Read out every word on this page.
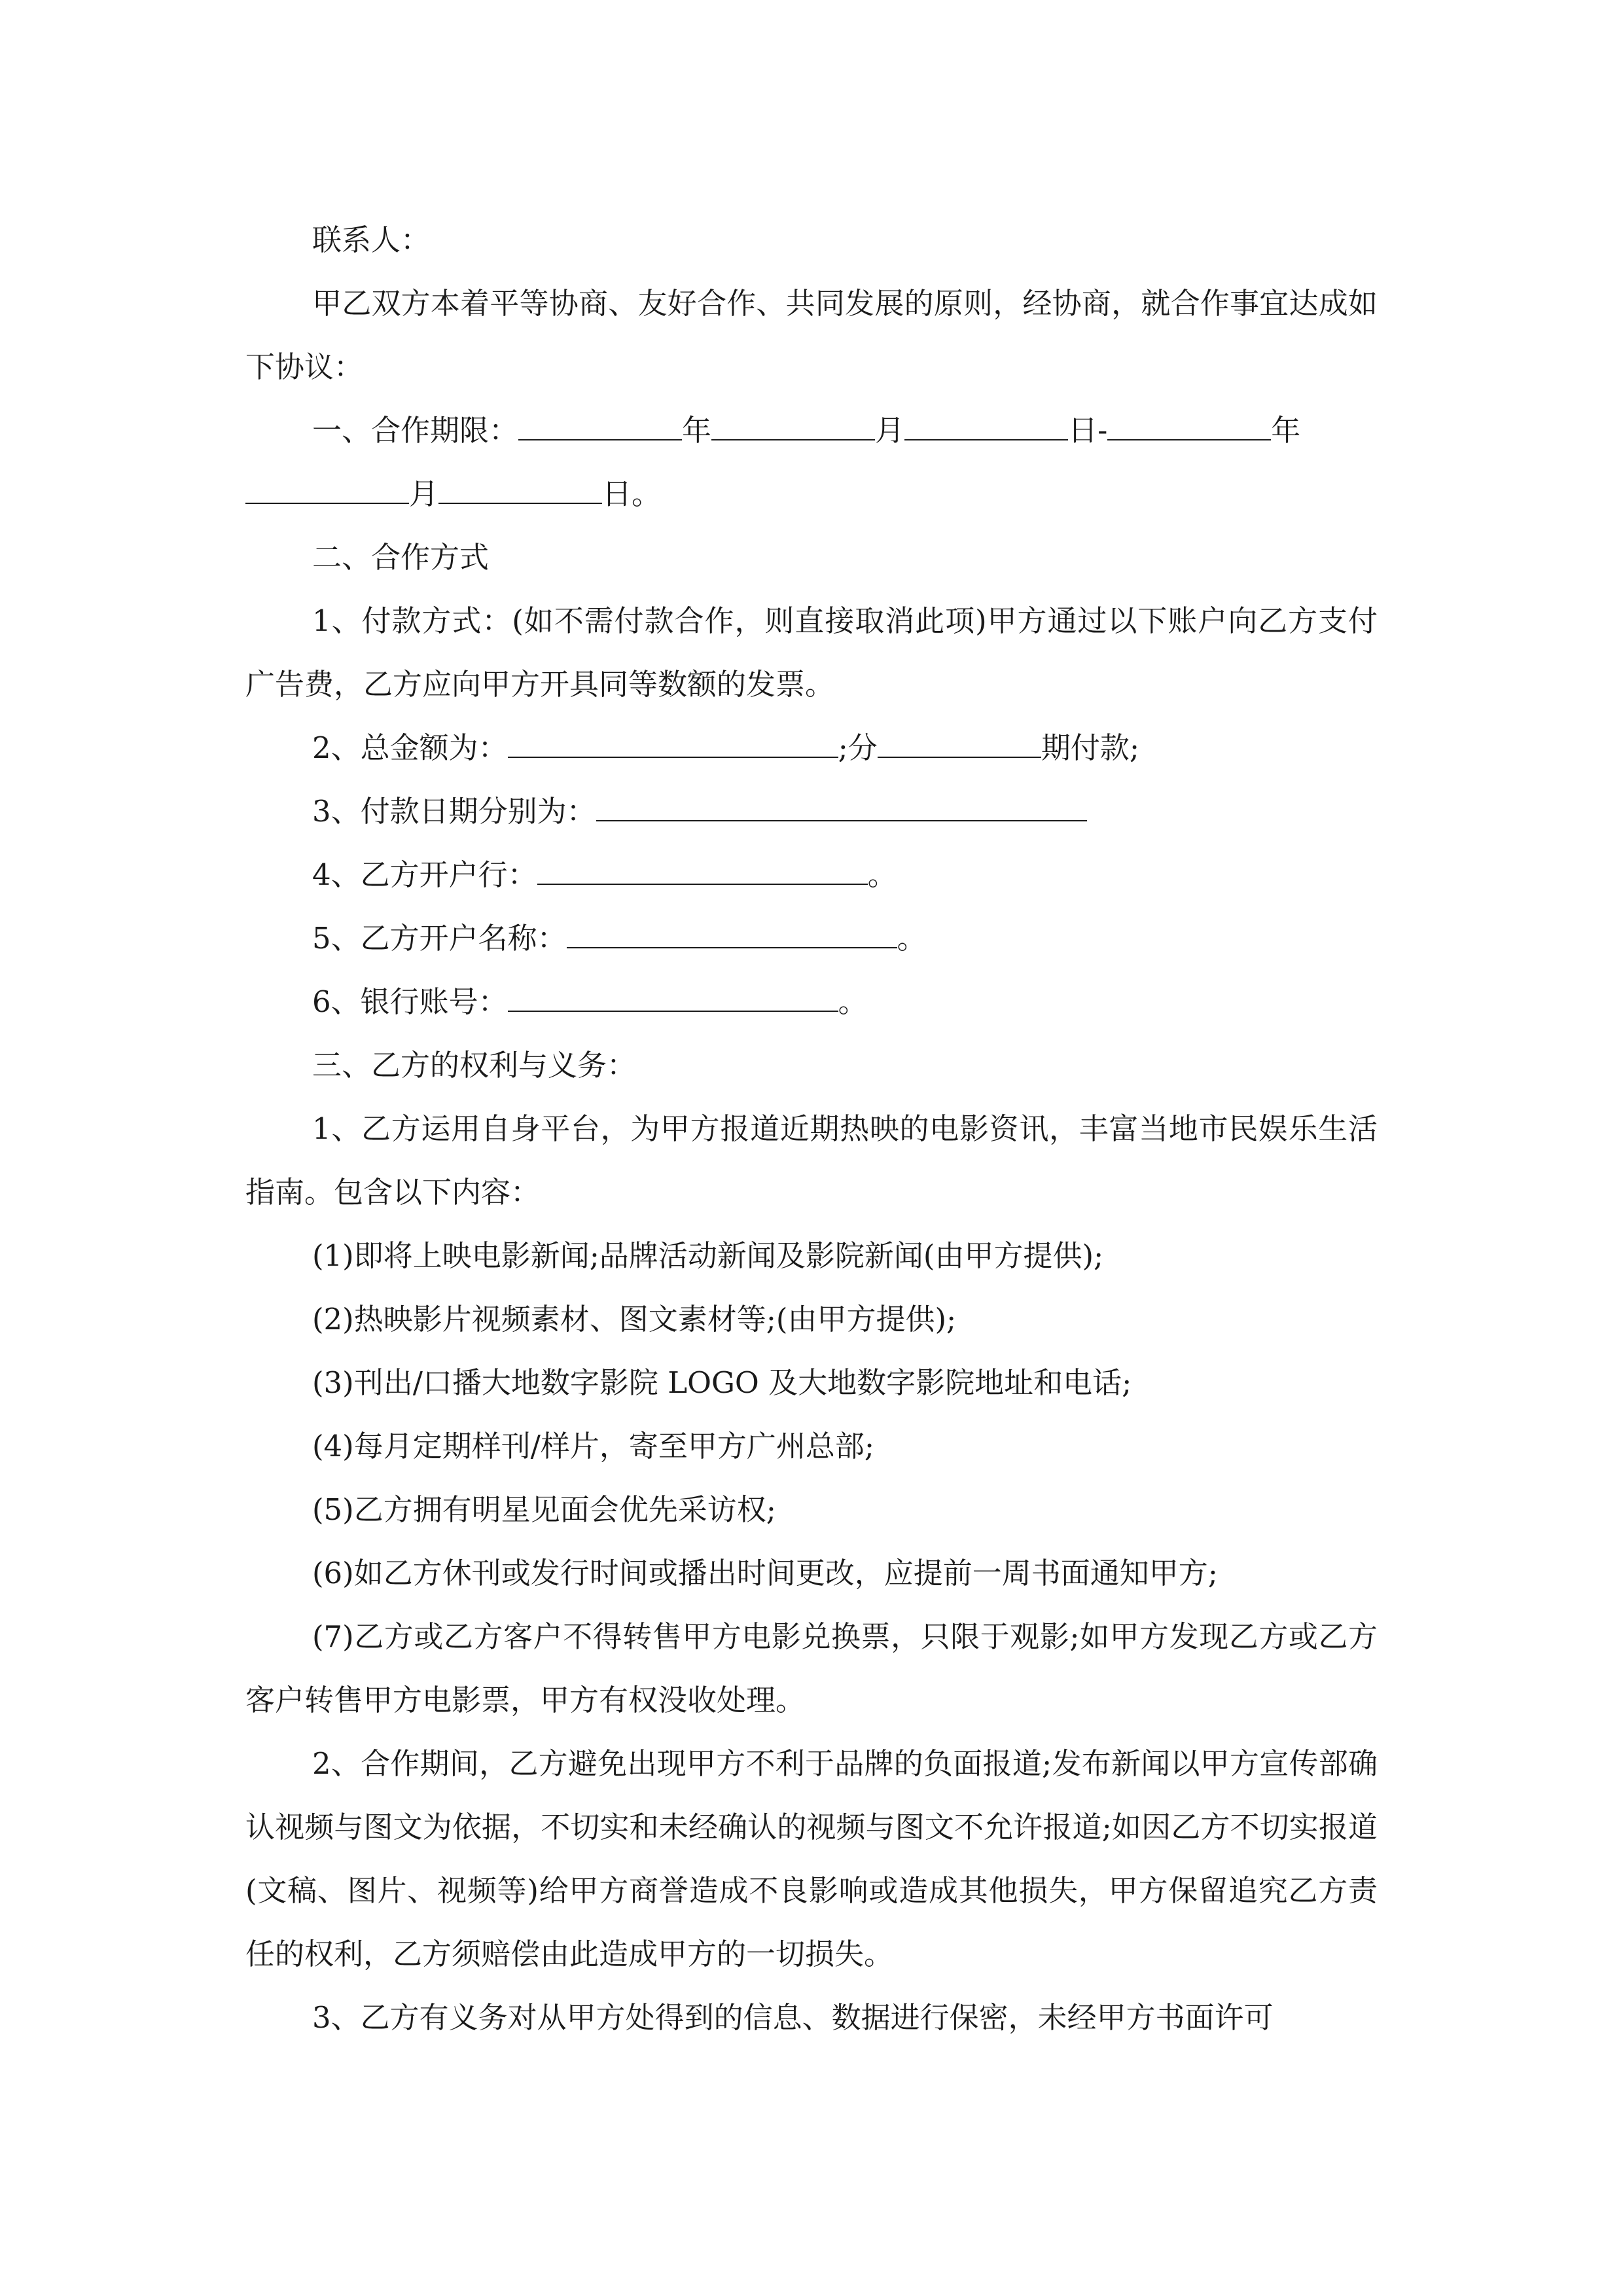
联系人：

甲乙双方本着平等协商、友好合作、共同发展的原则，经协商，就合作事宜达成如下协议：

一、合作期限：	年	月	日-	年

月	日。

二、合作方式

1、付款方式：(如不需付款合作，则直接取消此项)甲方通过以下账户向乙方支付广告费，乙方应向甲方开具同等数额的发票。

2、总金额为：	;分	期付款;

3、付款日期分别为：

4、乙方开户行：	。

5、乙方开户名称：	。

6、银行账号：	。

三、乙方的权利与义务：

1、乙方运用自身平台，为甲方报道近期热映的电影资讯，丰富当地市民娱乐生活指南。包含以下内容：

(1)即将上映电影新闻;品牌活动新闻及影院新闻(由甲方提供);

(2)热映影片视频素材、图文素材等;(由甲方提供);

(3)刊出/口播大地数字影院 LOGO 及大地数字影院地址和电话;

(4)每月定期样刊/样片，寄至甲方广州总部;

(5)乙方拥有明星见面会优先采访权;

(6)如乙方休刊或发行时间或播出时间更改，应提前一周书面通知甲方;

(7)乙方或乙方客户不得转售甲方电影兑换票，只限于观影;如甲方发现乙方或乙方客户转售甲方电影票，甲方有权没收处理。

2、合作期间，乙方避免出现甲方不利于品牌的负面报道;发布新闻以甲方宣传部确认视频与图文为依据，不切实和未经确认的视频与图文不允许报道;如因乙方不切实报道(文稿、图片、视频等)给甲方商誉造成不良影响或造成其他损失，甲方保留追究乙方责任的权利，乙方须赔偿由此造成甲方的一切损失。

3、乙方有义务对从甲方处得到的信息、数据进行保密，未经甲方书面许可
